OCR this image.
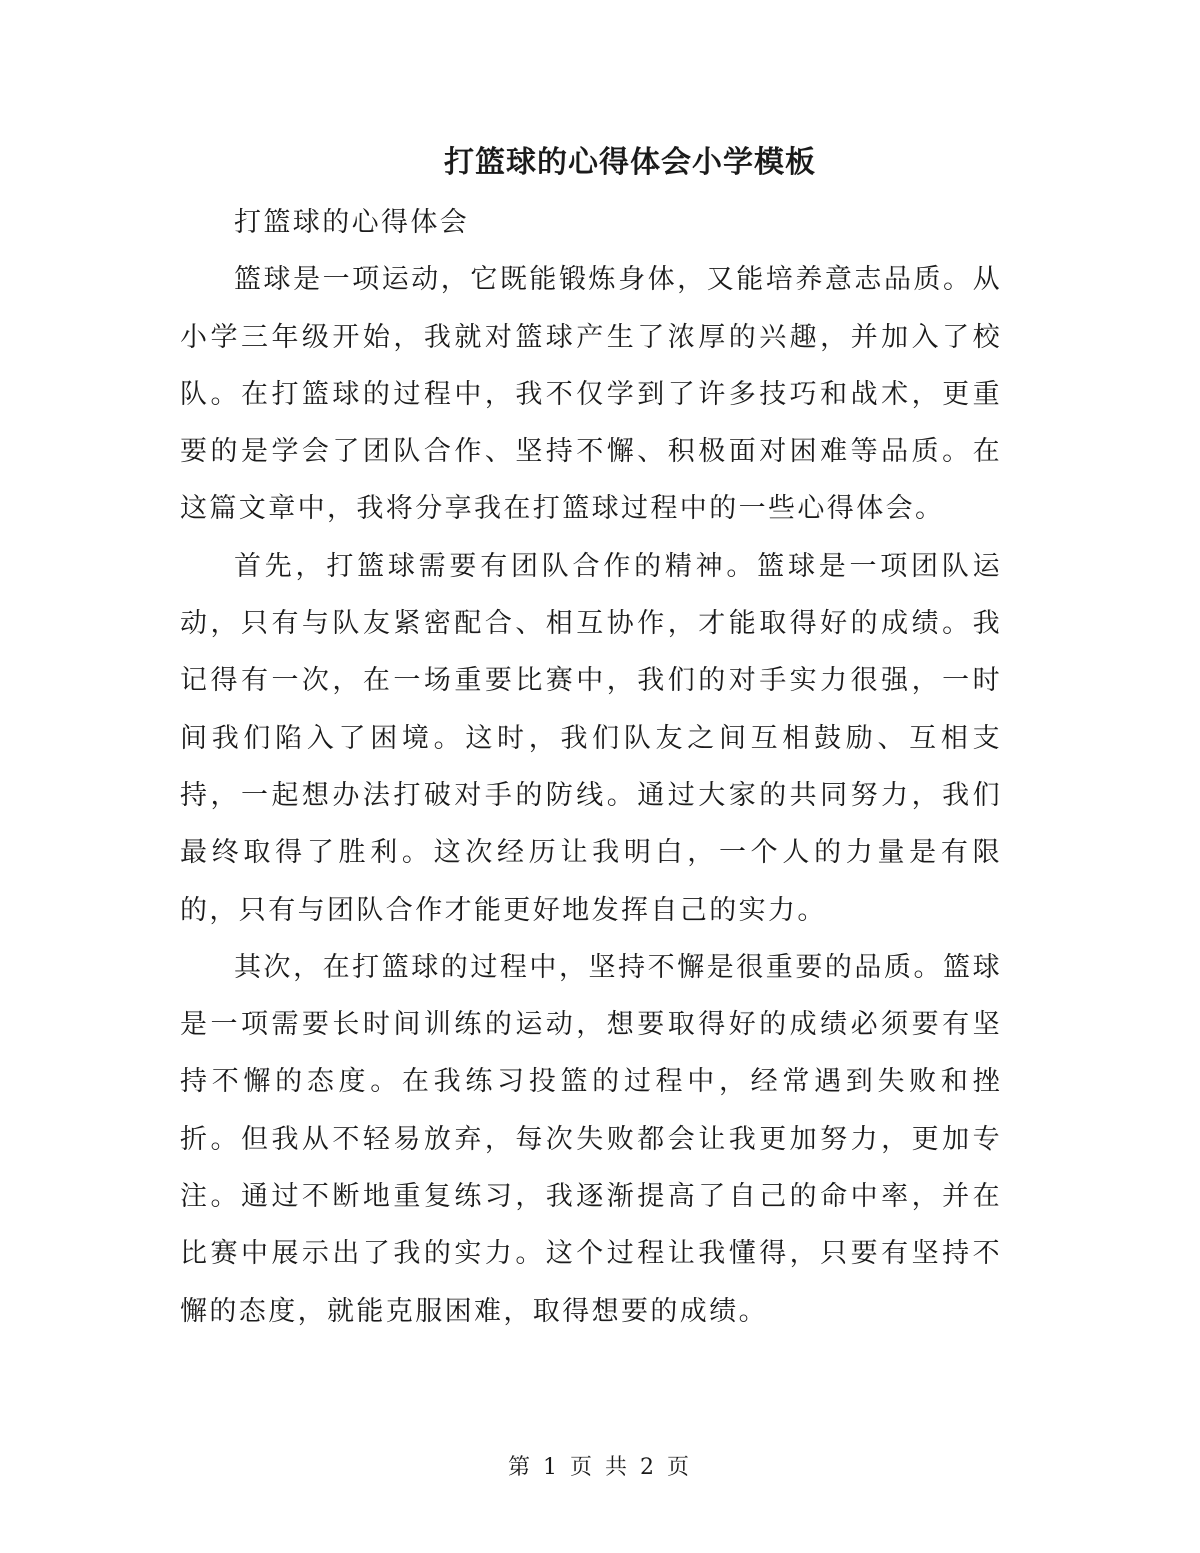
打篮球的心得体会小学模板

打篮球的心得体会

篮球是一项运动，它既能锻炼身体，又能培养意志品质。从小学三年级开始，我就对篮球产生了浓厚的兴趣，并加入了校队。在打篮球的过程中，我不仅学到了许多技巧和战术，更重要的是学会了团队合作、坚持不懈、积极面对困难等品质。在这篇文章中，我将分享我在打篮球过程中的一些心得体会。

首先，打篮球需要有团队合作的精神。篮球是一项团队运动，只有与队友紧密配合、相互协作，才能取得好的成绩。我记得有一次，在一场重要比赛中，我们的对手实力很强，一时间我们陷入了困境。这时，我们队友之间互相鼓励、互相支持，一起想办法打破对手的防线。通过大家的共同努力，我们最终取得了胜利。这次经历让我明白，一个人的力量是有限的，只有与团队合作才能更好地发挥自己的实力。

其次，在打篮球的过程中，坚持不懈是很重要的品质。篮球是一项需要长时间训练的运动，想要取得好的成绩必须要有坚持不懈的态度。在我练习投篮的过程中，经常遇到失败和挫折。但我从不轻易放弃，每次失败都会让我更加努力，更加专注。通过不断地重复练习，我逐渐提高了自己的命中率，并在比赛中展示出了我的实力。这个过程让我懂得，只要有坚持不懈的态度，就能克服困难，取得想要的成绩。

第 1 页 共 2 页
